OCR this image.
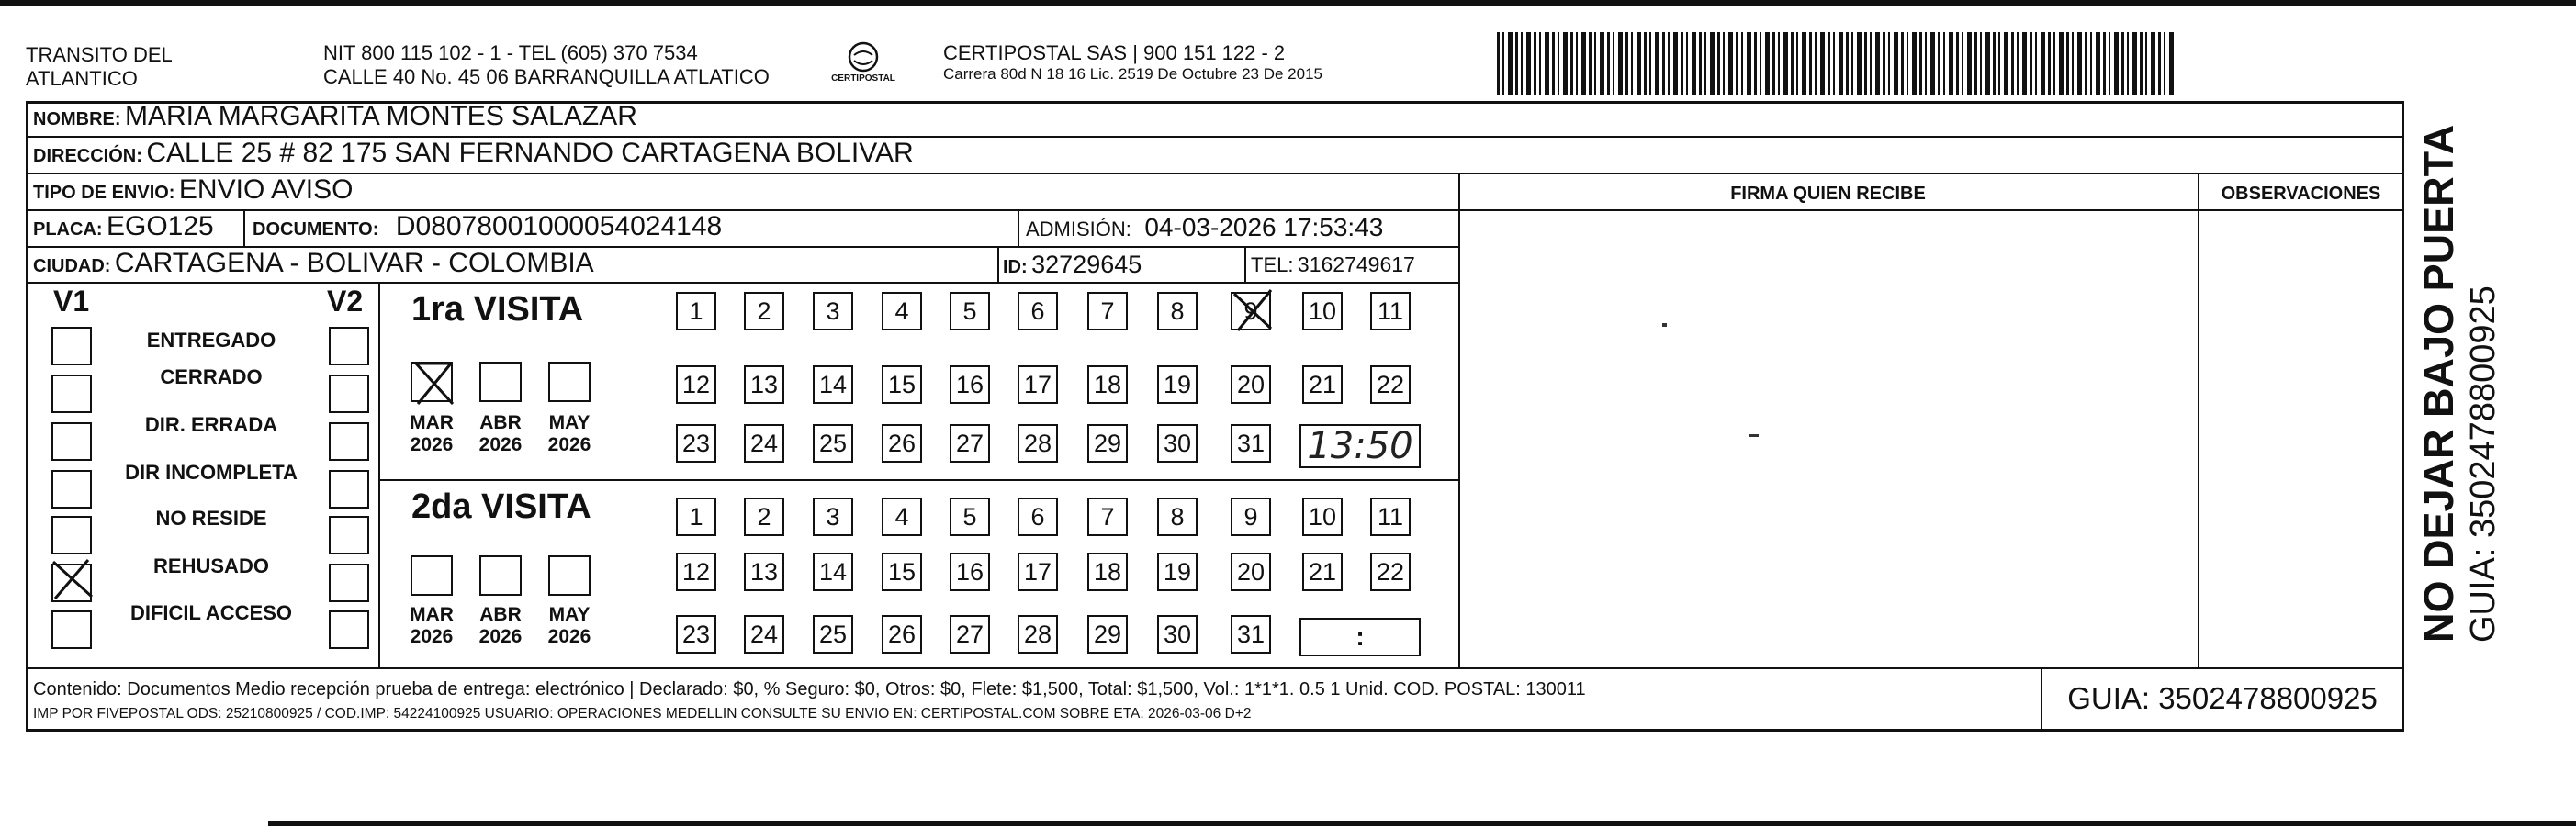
TRANSITO DEL
ATLANTICO
NIT 800 115 102 - 1 - TEL (605) 370 7534
CALLE 40 No. 45 06 BARRANQUILLA ATLATICO	CERTIPOSTAL
CERTIPOSTAL SAS | 900 151 122 - 2
Carrera 80d N 18 16 Lic. 2519 De Octubre 23 De 2015
NOMBRE: MARIA MARGARITA MONTES SALAZAR
DIRECCIÓN: CALLE 25 # 82 175 SAN FERNANDO CARTAGENA BOLIVAR
TIPO DE ENVIO: ENVIO AVISO	FIRMA QUIEN RECIBE	OBSERVACIONES
PLACA: EGO125 DOCUMENTO: D08078001000054024148	ADMISIÓN: 04-03-2026 17:53:43
CIUDAD: CARTAGENA - BOLIVAR - COLOMBIA	ID: 32729645	TEL: 3162749617
V1	V2
ENTREGADO
CERRADO
DIR. ERRADA
DIR INCOMPLETA
NO RESIDE
REHUSADO
DIFICIL ACCESO
1ra VISITA
2da VISITA
MAR
2026
ABR
2026
MAY
2026
MAR
2026
ABR
2026
MAY
2026
1	2	3	4	5	6	7	8	9	10 11
12 13 14 15 16 17 18 19 20 21 22
23 24 25 26 27 28 29 30 31
1	2	3	4	5	6	7	8	9	10 11
12 13 14 15 16 17 18 19 20 21 22
23 24 25 26 27 28 29 30 31
13:50
:
Contenido: Documentos Medio recepción prueba de entrega: electrónico | Declarado: $0, % Seguro: $0, Otros: $0, Flete: $1,500, Total: $1,500, Vol.: 1*1*1. 0.5 1 Unid. COD. POSTAL: 130011
IMP POR FIVEPOSTAL ODS: 25210800925 / COD.IMP: 54224100925 USUARIO: OPERACIONES MEDELLIN CONSULTE SU ENVIO EN: CERTIPOSTAL.COM SOBRE ETA: 2026-03-06 D+2	GUIA: 3502478800925
NO DEJAR BAJO PUERTA GUIA: 3502478800925
